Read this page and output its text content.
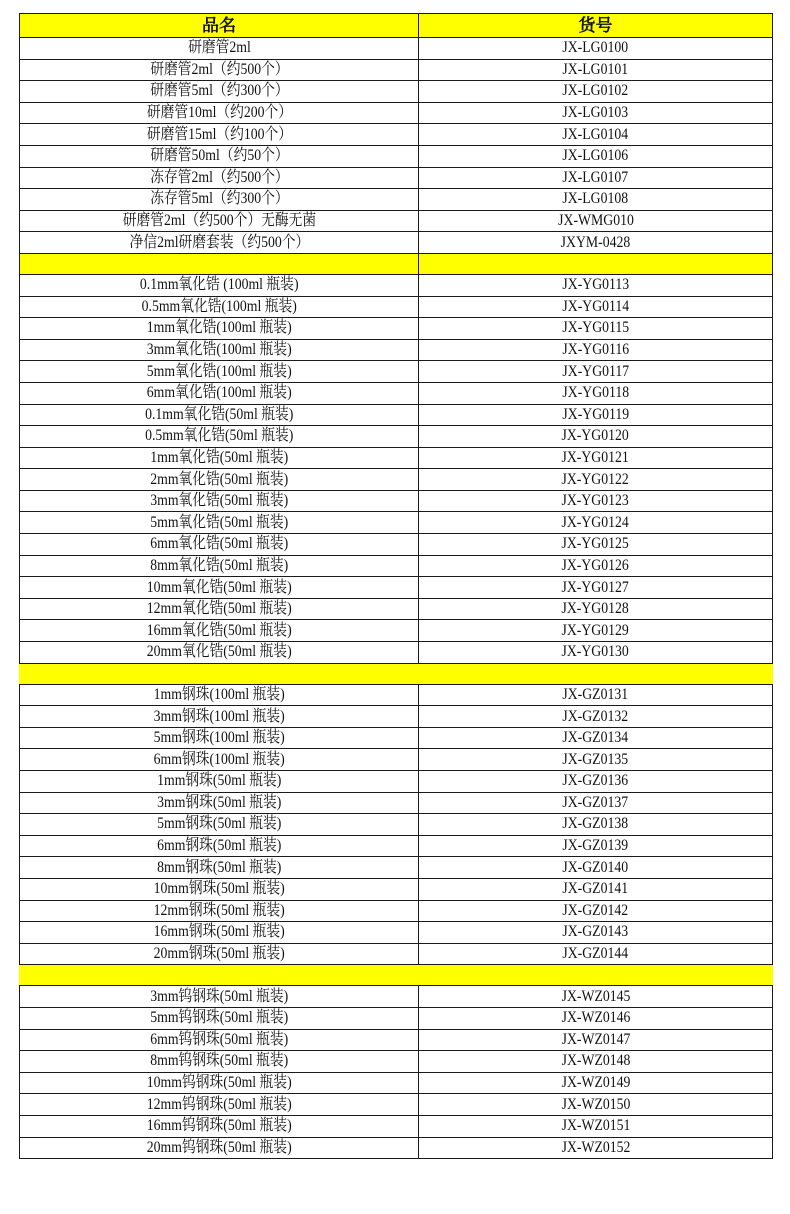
品名	货号
研磨管2ml	JX-LG0100
研磨管2ml（约500个）	JX-LG0101
研磨管5ml（约300个）	JX-LG0102
研磨管10ml（约200个）	JX-LG0103
研磨管15ml（约100个）	JX-LG0104
研磨管50ml（约50个）	JX-LG0106
冻存管2ml（约500个）	JX-LG0107
冻存管5ml（约300个）	JX-LG0108
研磨管2ml（约500个）无酶无菌	JX-WMG010
净信2ml研磨套装（约500个）	JXYM-0428

0.1mm氧化锆 (100ml 瓶装)	JX-YG0113
0.5mm氧化锆(100ml 瓶装)	JX-YG0114
1mm氧化锆(100ml 瓶装)	JX-YG0115
3mm氧化锆(100ml 瓶装)	JX-YG0116
5mm氧化锆(100ml 瓶装)	JX-YG0117
6mm氧化锆(100ml 瓶装)	JX-YG0118
0.1mm氧化锆(50ml 瓶装)	JX-YG0119
0.5mm氧化锆(50ml 瓶装)	JX-YG0120
1mm氧化锆(50ml 瓶装)	JX-YG0121
2mm氧化锆(50ml 瓶装)	JX-YG0122
3mm氧化锆(50ml 瓶装)	JX-YG0123
5mm氧化锆(50ml 瓶装)	JX-YG0124
6mm氧化锆(50ml 瓶装)	JX-YG0125
8mm氧化锆(50ml 瓶装)	JX-YG0126
10mm氧化锆(50ml 瓶装)	JX-YG0127
12mm氧化锆(50ml 瓶装)	JX-YG0128
16mm氧化锆(50ml 瓶装)	JX-YG0129
20mm氧化锆(50ml 瓶装)	JX-YG0130

1mm钢珠(100ml 瓶装)	JX-GZ0131
3mm钢珠(100ml 瓶装)	JX-GZ0132
5mm钢珠(100ml 瓶装)	JX-GZ0134
6mm钢珠(100ml 瓶装)	JX-GZ0135
1mm钢珠(50ml 瓶装)	JX-GZ0136
3mm钢珠(50ml 瓶装)	JX-GZ0137
5mm钢珠(50ml 瓶装)	JX-GZ0138
6mm钢珠(50ml 瓶装)	JX-GZ0139
8mm钢珠(50ml 瓶装)	JX-GZ0140
10mm钢珠(50ml 瓶装)	JX-GZ0141
12mm钢珠(50ml 瓶装)	JX-GZ0142
16mm钢珠(50ml 瓶装)	JX-GZ0143
20mm钢珠(50ml 瓶装)	JX-GZ0144

3mm钨钢珠(50ml 瓶装)	JX-WZ0145
5mm钨钢珠(50ml 瓶装)	JX-WZ0146
6mm钨钢珠(50ml 瓶装)	JX-WZ0147
8mm钨钢珠(50ml 瓶装)	JX-WZ0148
10mm钨钢珠(50ml 瓶装)	JX-WZ0149
12mm钨钢珠(50ml 瓶装)	JX-WZ0150
16mm钨钢珠(50ml 瓶装)	JX-WZ0151
20mm钨钢珠(50ml 瓶装)	JX-WZ0152
